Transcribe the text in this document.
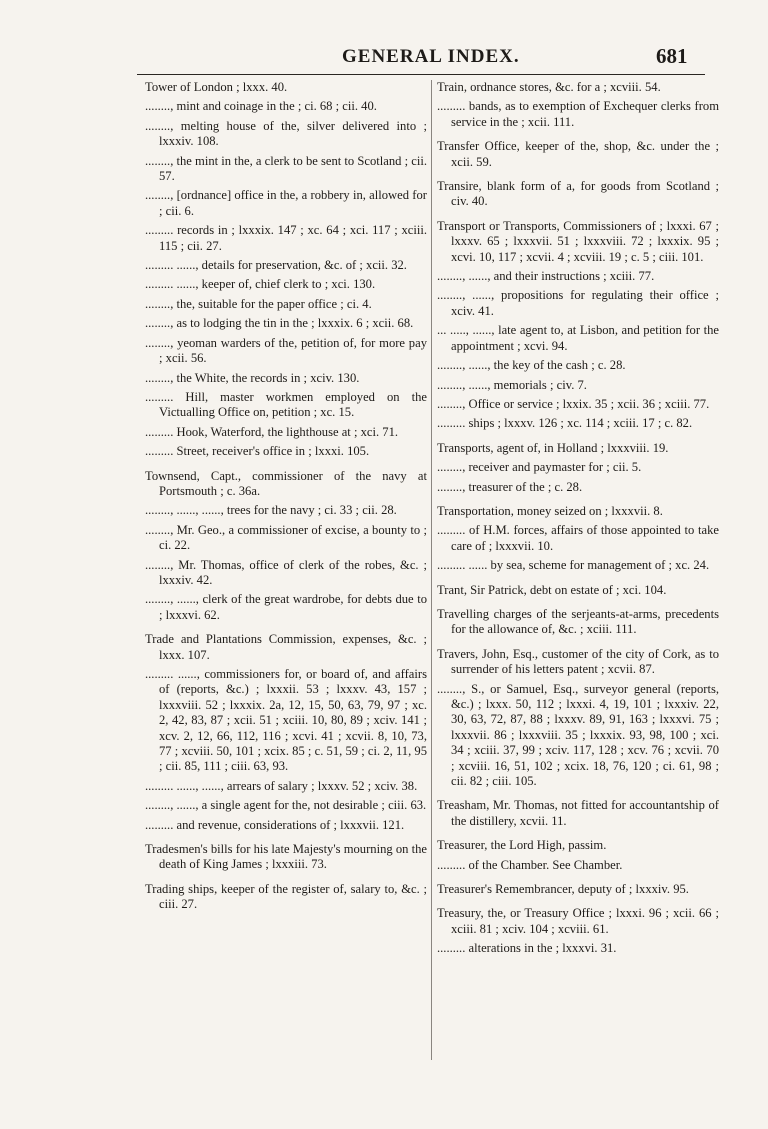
GENERAL INDEX.	681

Tower of London ; lxxx. 40.

........, mint and coinage in the ; ci. 68 ; cii. 40.

........, melting house of the, silver delivered into ; lxxxiv. 108.

........, the mint in the, a clerk to be sent to Scotland ; cii. 57.

........, [ordnance] office in the, a robbery in, allowed for ; cii. 6.

......... records in ; lxxxix. 147 ; xc. 64 ; xci. 117 ; xciii. 115 ; cii. 27.

......... ......, details for preservation, &c. of ; xcii. 32.

......... ......, keeper of, chief clerk to ; xci. 130.

........, the, suitable for the paper office ; ci. 4.

........, as to lodging the tin in the ; lxxxix. 6 ; xcii. 68.

........, yeoman warders of the, petition of, for more pay ; xcii. 56.

........, the White, the records in ; xciv. 130.

......... Hill, master workmen employed on the Victualling Office on, petition ; xc. 15.

......... Hook, Waterford, the lighthouse at ; xci. 71.

......... Street, receiver's office in ; lxxxi. 105.

Townsend, Capt., commissioner of the navy at Portsmouth ; c. 36a.

........, ......, ......, trees for the navy ; ci. 33 ; cii. 28.

........, Mr. Geo., a commissioner of excise, a bounty to ; ci. 22.

........, Mr. Thomas, office of clerk of the robes, &c. ; lxxxiv. 42.

........, ......, clerk of the great wardrobe, for debts due to ; lxxxvi. 62.

Trade and Plantations Commission, expenses, &c. ; lxxx. 107.

......... ......, commissioners for, or board of, and affairs of (reports, &c.) ; lxxxii. 53 ; lxxxv. 43, 157 ; lxxxviii. 52 ; lxxxix. 2a, 12, 15, 50, 63, 79, 97 ; xc. 2, 42, 83, 87 ; xcii. 51 ; xciii. 10, 80, 89 ; xciv. 141 ; xcv. 2, 12, 66, 112, 116 ; xcvi. 41 ; xcvii. 8, 10, 73, 77 ; xcviii. 50, 101 ; xcix. 85 ; c. 51, 59 ; ci. 2, 11, 95 ; cii. 85, 111 ; ciii. 63, 93.

......... ......, ......, arrears of salary ; lxxxv. 52 ; xciv. 38.

........, ......, a single agent for the, not desirable ; ciii. 63.

......... and revenue, considerations of ; lxxxvii. 121.

Tradesmen's bills for his late Majesty's mourning on the death of King James ; lxxxiii. 73.

Trading ships, keeper of the register of, salary to, &c. ; ciii. 27.

Train, ordnance stores, &c. for a ; xcviii. 54.

......... bands, as to exemption of Exchequer clerks from service in the ; xcii. 111.

Transfer Office, keeper of the, shop, &c. under the ; xcii. 59.

Transire, blank form of a, for goods from Scotland ; civ. 40.

Transport or Transports, Commissioners of ; lxxxi. 67 ; lxxxv. 65 ; lxxxvii. 51 ; lxxxviii. 72 ; lxxxix. 95 ; xcvi. 10, 117 ; xcvii. 4 ; xcviii. 19 ; c. 5 ; ciii. 101.

........, ......, and their instructions ; xciii. 77.

........, ......, propositions for regulating their office ; xciv. 41.

... ....., ......, late agent to, at Lisbon, and petition for the appointment ; xcvi. 94.

........, ......, the key of the cash ; c. 28.

........, ......, memorials ; civ. 7.

........, Office or service ; lxxix. 35 ; xcii. 36 ; xciii. 77.

......... ships ; lxxxv. 126 ; xc. 114 ; xciii. 17 ; c. 82.

Transports, agent of, in Holland ; lxxxviii. 19.

........, receiver and paymaster for ; cii. 5.

........, treasurer of the ; c. 28.

Transportation, money seized on ; lxxxvii. 8.

......... of H.M. forces, affairs of those appointed to take care of ; lxxxvii. 10.

......... ...... by sea, scheme for management of ; xc. 24.

Trant, Sir Patrick, debt on estate of ; xci. 104.

Travelling charges of the serjeants-at-arms, precedents for the allowance of, &c. ; xciii. 111.

Travers, John, Esq., customer of the city of Cork, as to surrender of his letters patent ; xcvii. 87.

........, S., or Samuel, Esq., surveyor general (reports, &c.) ; lxxx. 50, 112 ; lxxxi. 4, 19, 101 ; lxxxiv. 22, 30, 63, 72, 87, 88 ; lxxxv. 89, 91, 163 ; lxxxvi. 75 ; lxxxvii. 86 ; lxxxviii. 35 ; lxxxix. 93, 98, 100 ; xci. 34 ; xciii. 37, 99 ; xciv. 117, 128 ; xcv. 76 ; xcvii. 70 ; xcviii. 16, 51, 102 ; xcix. 18, 76, 120 ; ci. 61, 98 ; cii. 82 ; ciii. 105.

Treasham, Mr. Thomas, not fitted for accountantship of the distillery, xcvii. 11.

Treasurer, the Lord High, passim.

......... of the Chamber. See Chamber.

Treasurer's Remembrancer, deputy of ; lxxxiv. 95.

Treasury, the, or Treasury Office ; lxxxi. 96 ; xcii. 66 ; xciii. 81 ; xciv. 104 ; xcviii. 61.

......... alterations in the ; lxxxvi. 31.
